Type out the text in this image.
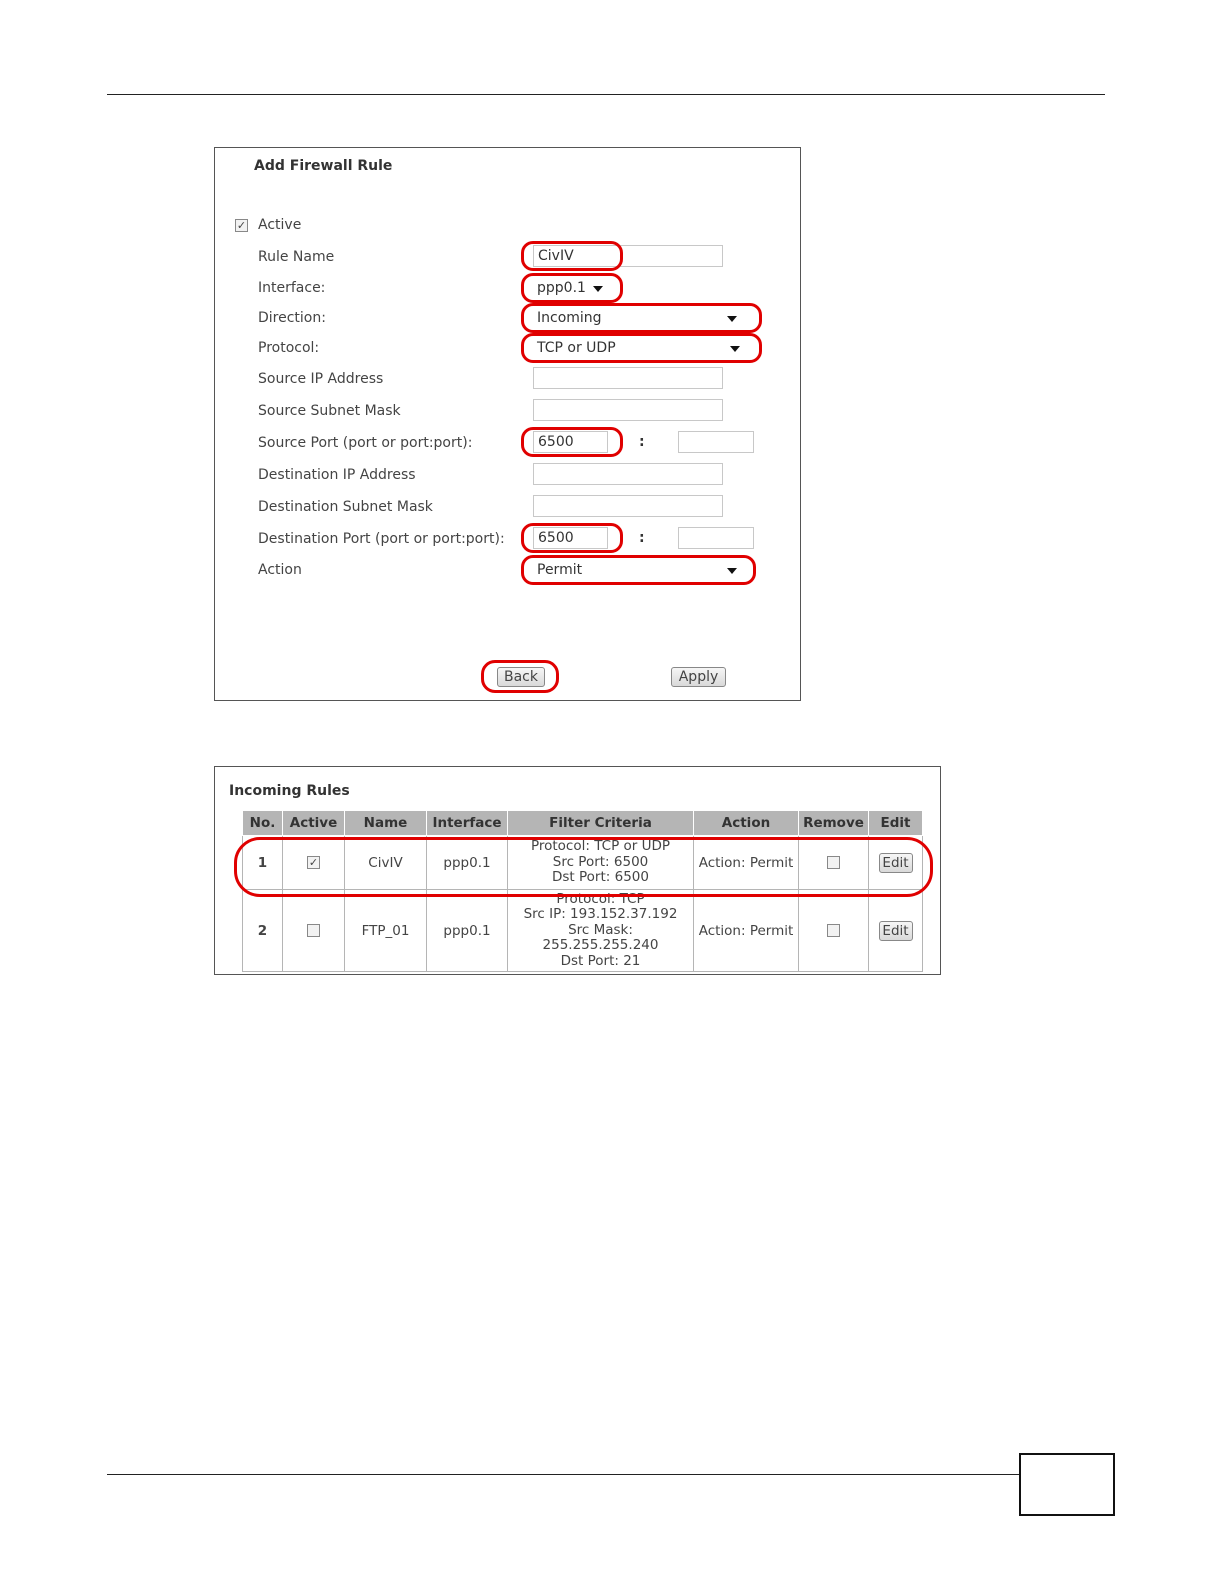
Add Firewall Rule
✓ Active
Rule Name	CivIV
Interface:	ppp0.1
Direction:	Incoming
Protocol:	TCP or UDP
Source IP Address
Source Subnet Mask
Source Port (port or port:port):	6500	:
Destination IP Address
Destination Subnet Mask
Destination Port (port or port:port):	6500	:
Action	Permit
Back	Apply
Incoming Rules
No.	Active	Name	Interface	Filter Criteria	Action	Remove	Edit
1	✓	CivIV	ppp0.1	Protocol: TCP or UDP
Src Port: 6500
Dst Port: 6500	Action: Permit		Edit
2		FTP_01	ppp0.1	Protocol: TCP
Src IP: 193.152.37.192
Src Mask:
255.255.255.240
Dst Port: 21	Action: Permit		Edit
